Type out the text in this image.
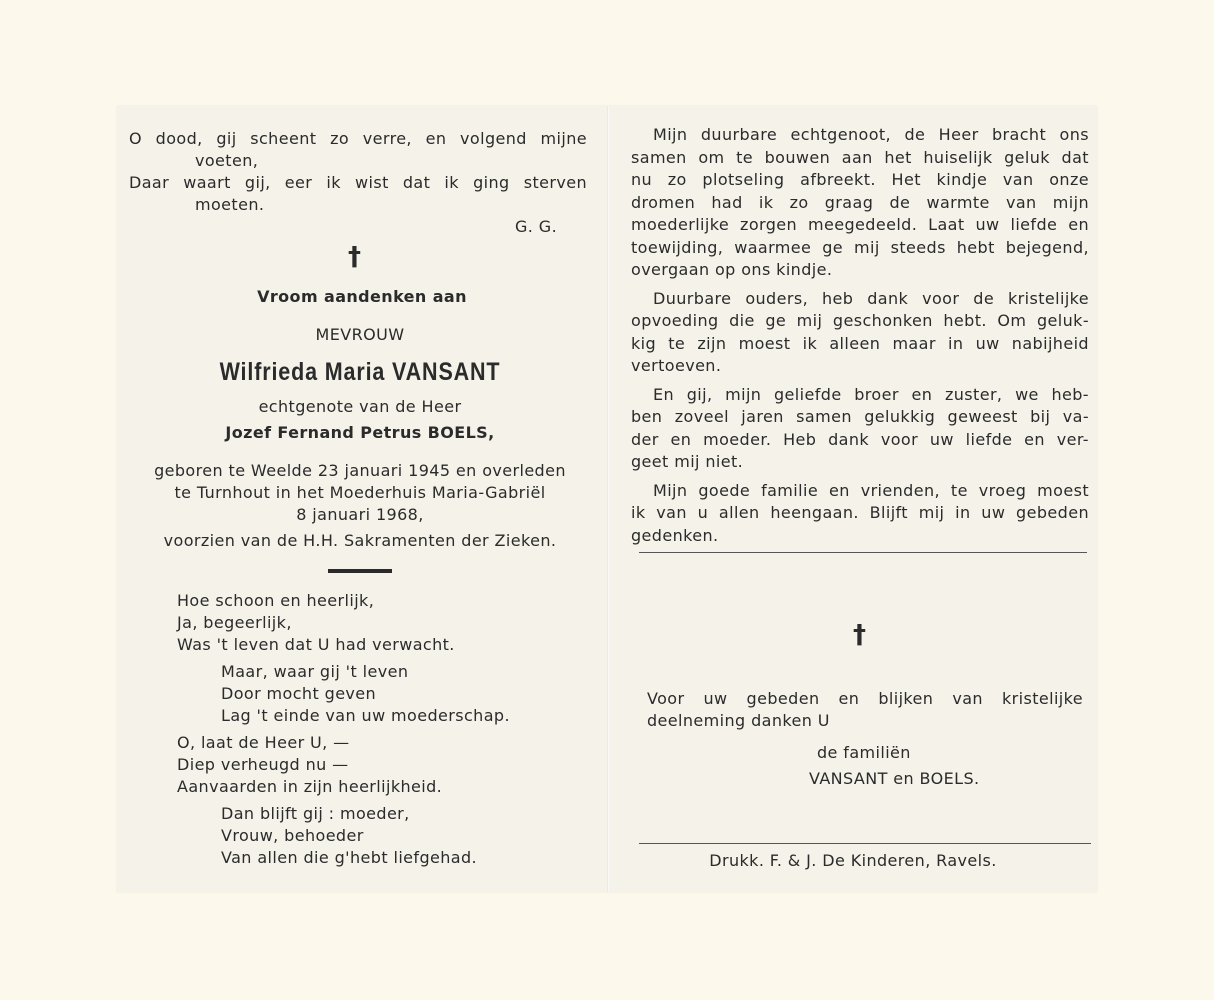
O dood, gij scheent zo verre, en volgend mijne
voeten,
Daar waart gij, eer ik wist dat ik ging sterven
moeten.
G. G.
†
Vroom aandenken aan
MEVROUW
Wilfrieda Maria VANSANT
echtgenote van de Heer
Jozef Fernand Petrus BOELS,
geboren te Weelde 23 januari 1945 en overleden
te Turnhout in het Moederhuis Maria-Gabriël
8 januari 1968,
voorzien van de H.H. Sakramenten der Zieken.
Hoe schoon en heerlijk,
Ja, begeerlijk,
Was 't leven dat U had verwacht.
Maar, waar gij 't leven
Door mocht geven
Lag 't einde van uw moederschap.
O, laat de Heer U, —
Diep verheugd nu —
Aanvaarden in zijn heerlijkheid.
Dan blijft gij : moeder,
Vrouw, behoeder
Van allen die g'hebt liefgehad.
Mijn duurbare echtgenoot, de Heer bracht ons
samen om te bouwen aan het huiselijk geluk dat
nu zo plotseling afbreekt. Het kindje van onze
dromen had ik zo graag de warmte van mijn
moederlijke zorgen meegedeeld. Laat uw liefde en
toewijding, waarmee ge mij steeds hebt bejegend,
overgaan op ons kindje.
Duurbare ouders, heb dank voor de kristelijke
opvoeding die ge mij geschonken hebt. Om geluk-
kig te zijn moest ik alleen maar in uw nabijheid
vertoeven.
En gij, mijn geliefde broer en zuster, we heb-
ben zoveel jaren samen gelukkig geweest bij va-
der en moeder. Heb dank voor uw liefde en ver-
geet mij niet.
Mijn goede familie en vrienden, te vroeg moest
ik van u allen heengaan. Blijft mij in uw gebeden
gedenken.
†
Voor uw gebeden en blijken van kristelijke
deelneming danken U
de familiën
VANSANT en BOELS.
Drukk. F. & J. De Kinderen, Ravels.
